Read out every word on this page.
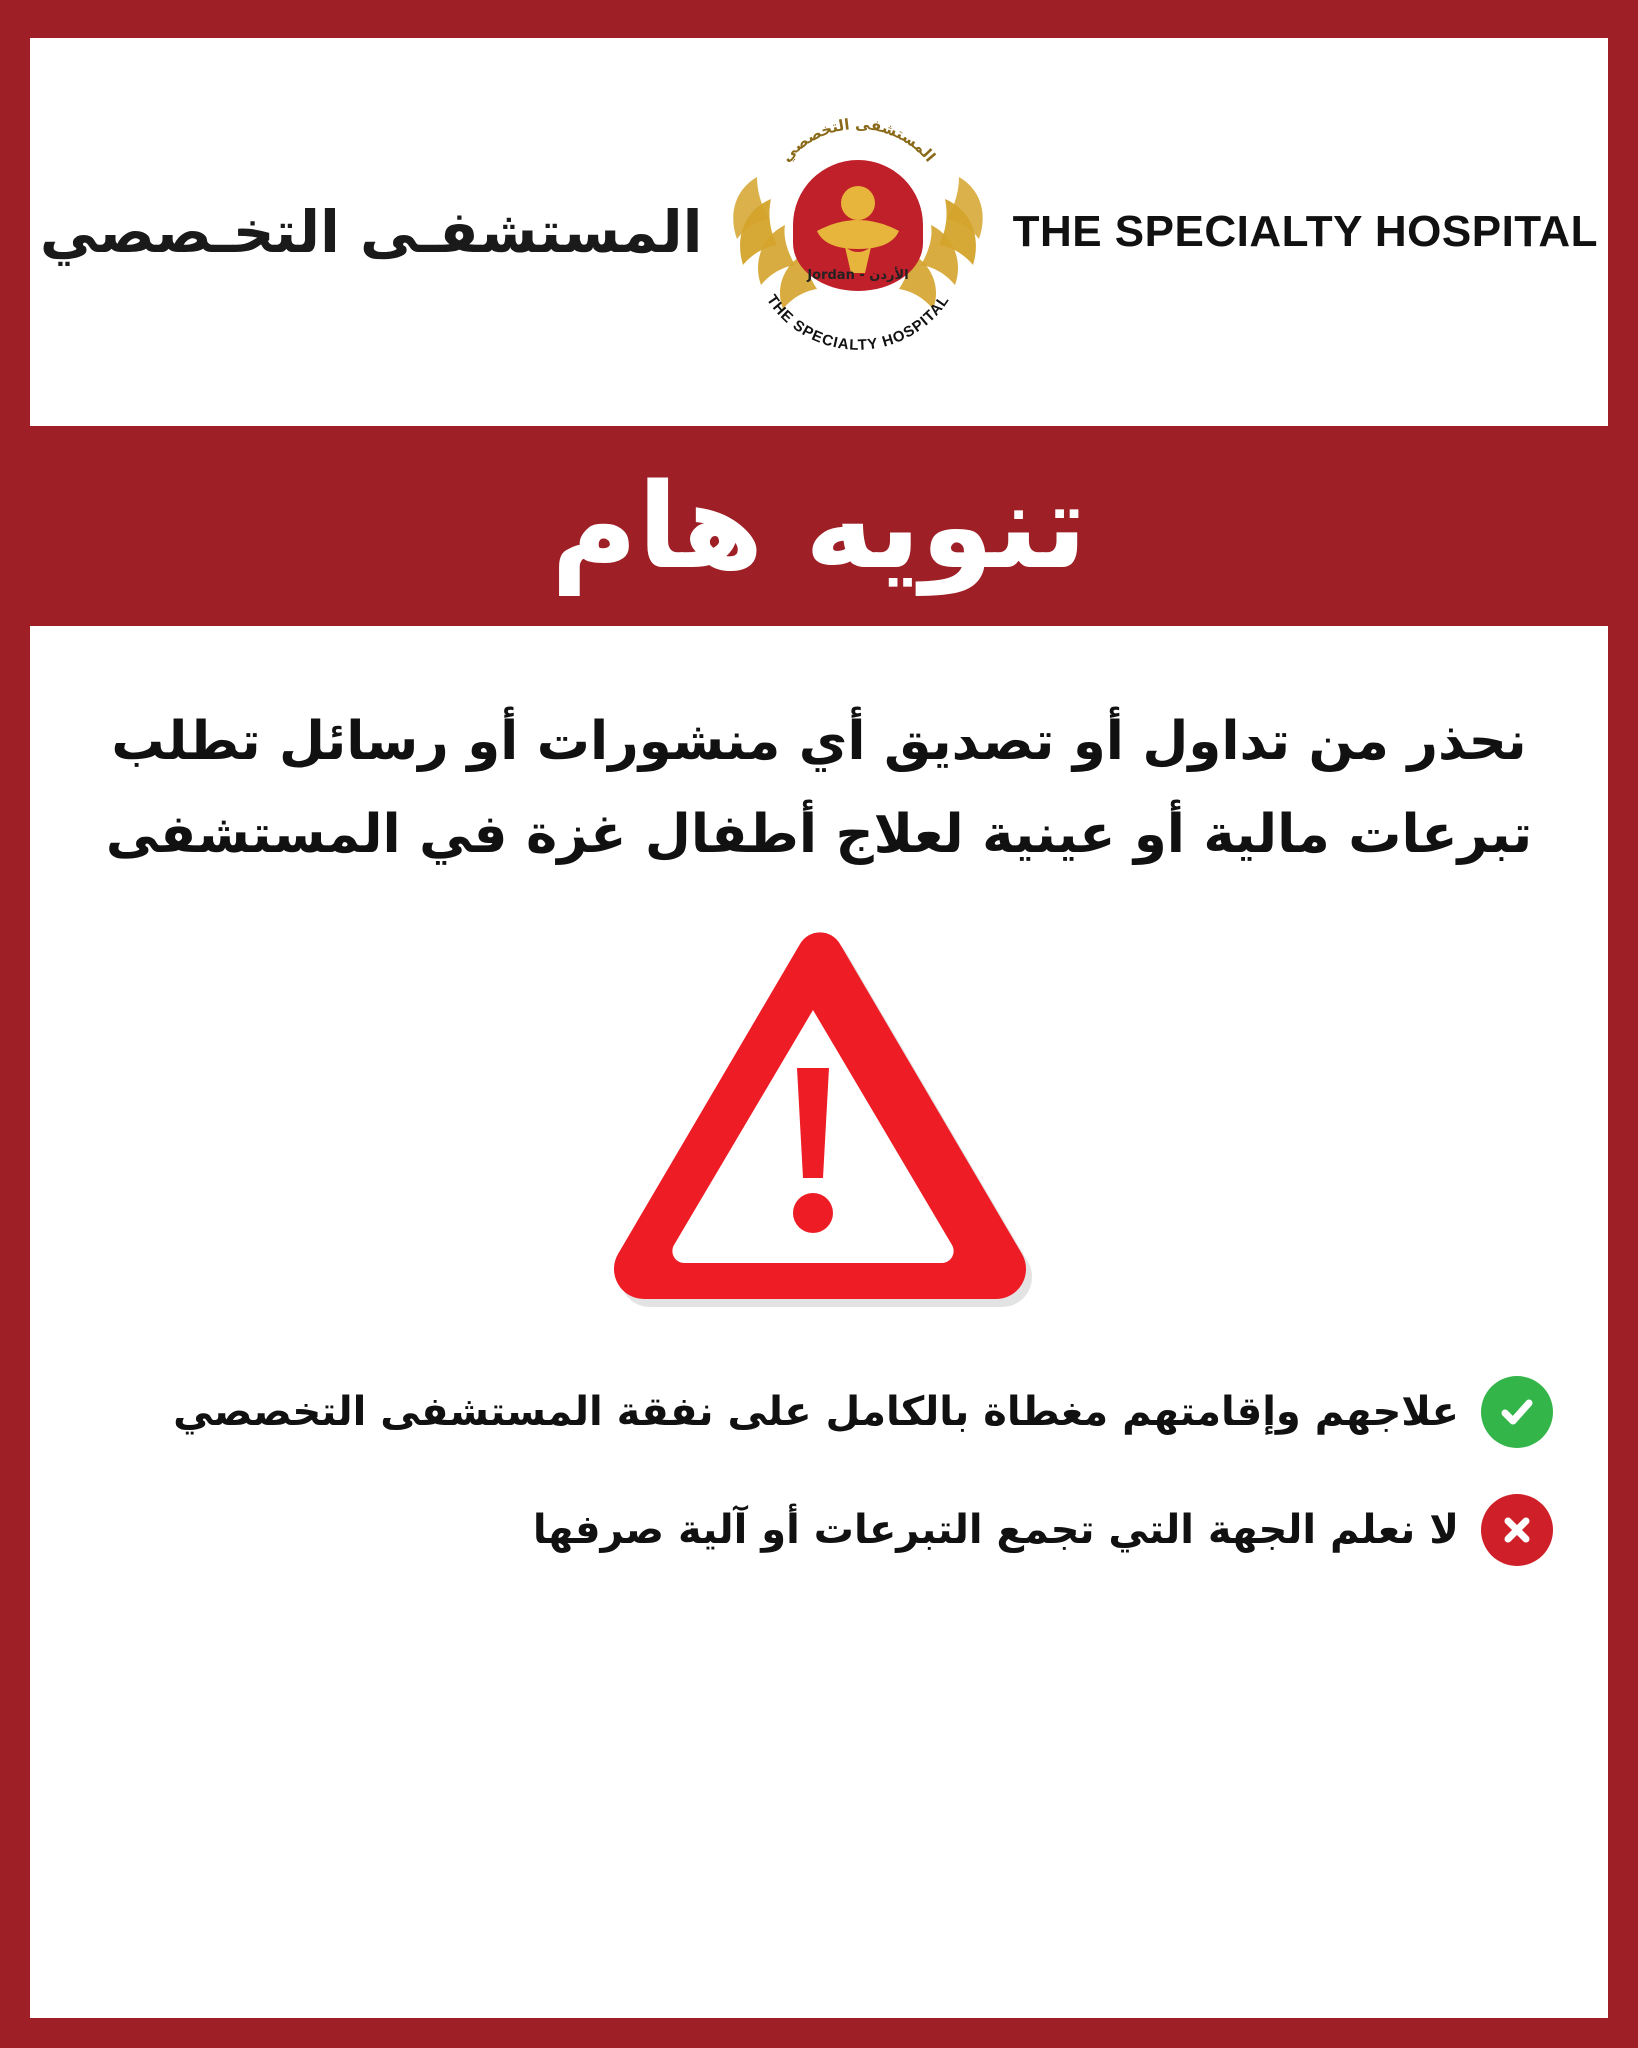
المستشفـى التخـصصي
المستشفى التخصصي
الأردن - Jordan
THE SPECIALTY HOSPITAL
THE SPECIALTY HOSPITAL
تنويه هام
نحذر من تداول أو تصديق أي منشورات أو رسائل تطلب تبرعات مالية أو عينية لعلاج أطفال غزة في المستشفى
علاجهم وإقامتهم مغطاة بالكامل على نفقة المستشفى التخصصي
لا نعلم الجهة التي تجمع التبرعات أو آلية صرفها
